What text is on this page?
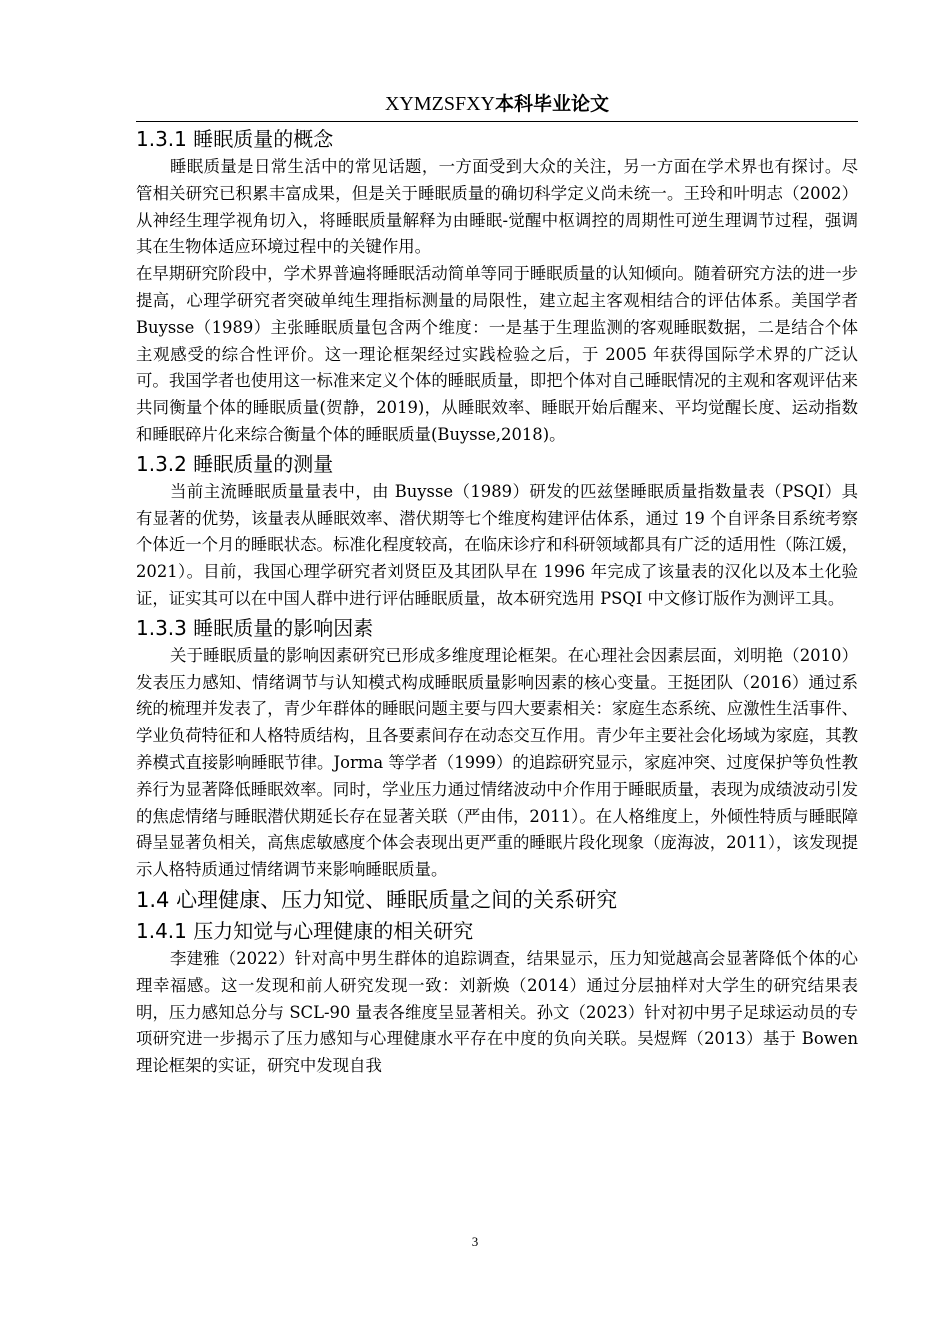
XYMZSFXY本科毕业论文
1.3.1 睡眠质量的概念

睡眠质量是日常生活中的常见话题，一方面受到大众的关注，另一方面在学术界也有探讨。尽管相关研究已积累丰富成果，但是关于睡眠质量的确切科学定义尚未统一。王玲和叶明志（2002）从神经生理学视角切入，将睡眠质量解释为由睡眠-觉醒中枢调控的周期性可逆生理调节过程，强调其在生物体适应环境过程中的关键作用。

在早期研究阶段中，学术界普遍将睡眠活动简单等同于睡眠质量的认知倾向。随着研究方法的进一步提高，心理学研究者突破单纯生理指标测量的局限性，建立起主客观相结合的评估体系。美国学者 Buysse（1989）主张睡眠质量包含两个维度：一是基于生理监测的客观睡眠数据，二是结合个体主观感受的综合性评价。这一理论框架经过实践检验之后，于 2005 年获得国际学术界的广泛认可。我国学者也使用这一标准来定义个体的睡眠质量，即把个体对自己睡眠情况的主观和客观评估来共同衡量个体的睡眠质量(贺静，2019)，从睡眠效率、睡眠开始后醒来、平均觉醒长度、运动指数和睡眠碎片化来综合衡量个体的睡眠质量(Buysse,2018)。

1.3.2 睡眠质量的测量

当前主流睡眠质量量表中，由 Buysse（1989）研发的匹兹堡睡眠质量指数量表（PSQI）具有显著的优势，该量表从睡眠效率、潜伏期等七个维度构建评估体系，通过 19 个自评条目系统考察个体近一个月的睡眠状态。标准化程度较高，在临床诊疗和科研领域都具有广泛的适用性（陈江媛，2021）。目前，我国心理学研究者刘贤臣及其团队早在 1996 年完成了该量表的汉化以及本土化验证，证实其可以在中国人群中进行评估睡眠质量，故本研究选用 PSQI 中文修订版作为测评工具。

1.3.3 睡眠质量的影响因素

关于睡眠质量的影响因素研究已形成多维度理论框架。在心理社会因素层面，刘明艳（2010）发表压力感知、情绪调节与认知模式构成睡眠质量影响因素的核心变量。王挺团队（2016）通过系统的梳理并发表了，青少年群体的睡眠问题主要与四大要素相关：家庭生态系统、应激性生活事件、学业负荷特征和人格特质结构，且各要素间存在动态交互作用。青少年主要社会化场域为家庭，其教养模式直接影响睡眠节律。Jorma 等学者（1999）的追踪研究显示，家庭冲突、过度保护等负性教养行为显著降低睡眠效率。同时，学业压力通过情绪波动中介作用于睡眠质量，表现为成绩波动引发的焦虑情绪与睡眠潜伏期延长存在显著关联（严由伟，2011）。在人格维度上，外倾性特质与睡眠障碍呈显著负相关，高焦虑敏感度个体会表现出更严重的睡眠片段化现象（庞海波，2011），该发现提示人格特质通过情绪调节来影响睡眠质量。

1.4 心理健康、压力知觉、睡眠质量之间的关系研究
1.4.1 压力知觉与心理健康的相关研究

李建雅（2022）针对高中男生群体的追踪调查，结果显示，压力知觉越高会显著降低个体的心理幸福感。这一发现和前人研究发现一致：刘新焕（2014）通过分层抽样对大学生的研究结果表明，压力感知总分与 SCL-90 量表各维度呈显著相关。孙文（2023）针对初中男子足球运动员的专项研究进一步揭示了压力感知与心理健康水平存在中度的负向关联。吴煜辉（2013）基于 Bowen 理论框架的实证，研究中发现自我

3
